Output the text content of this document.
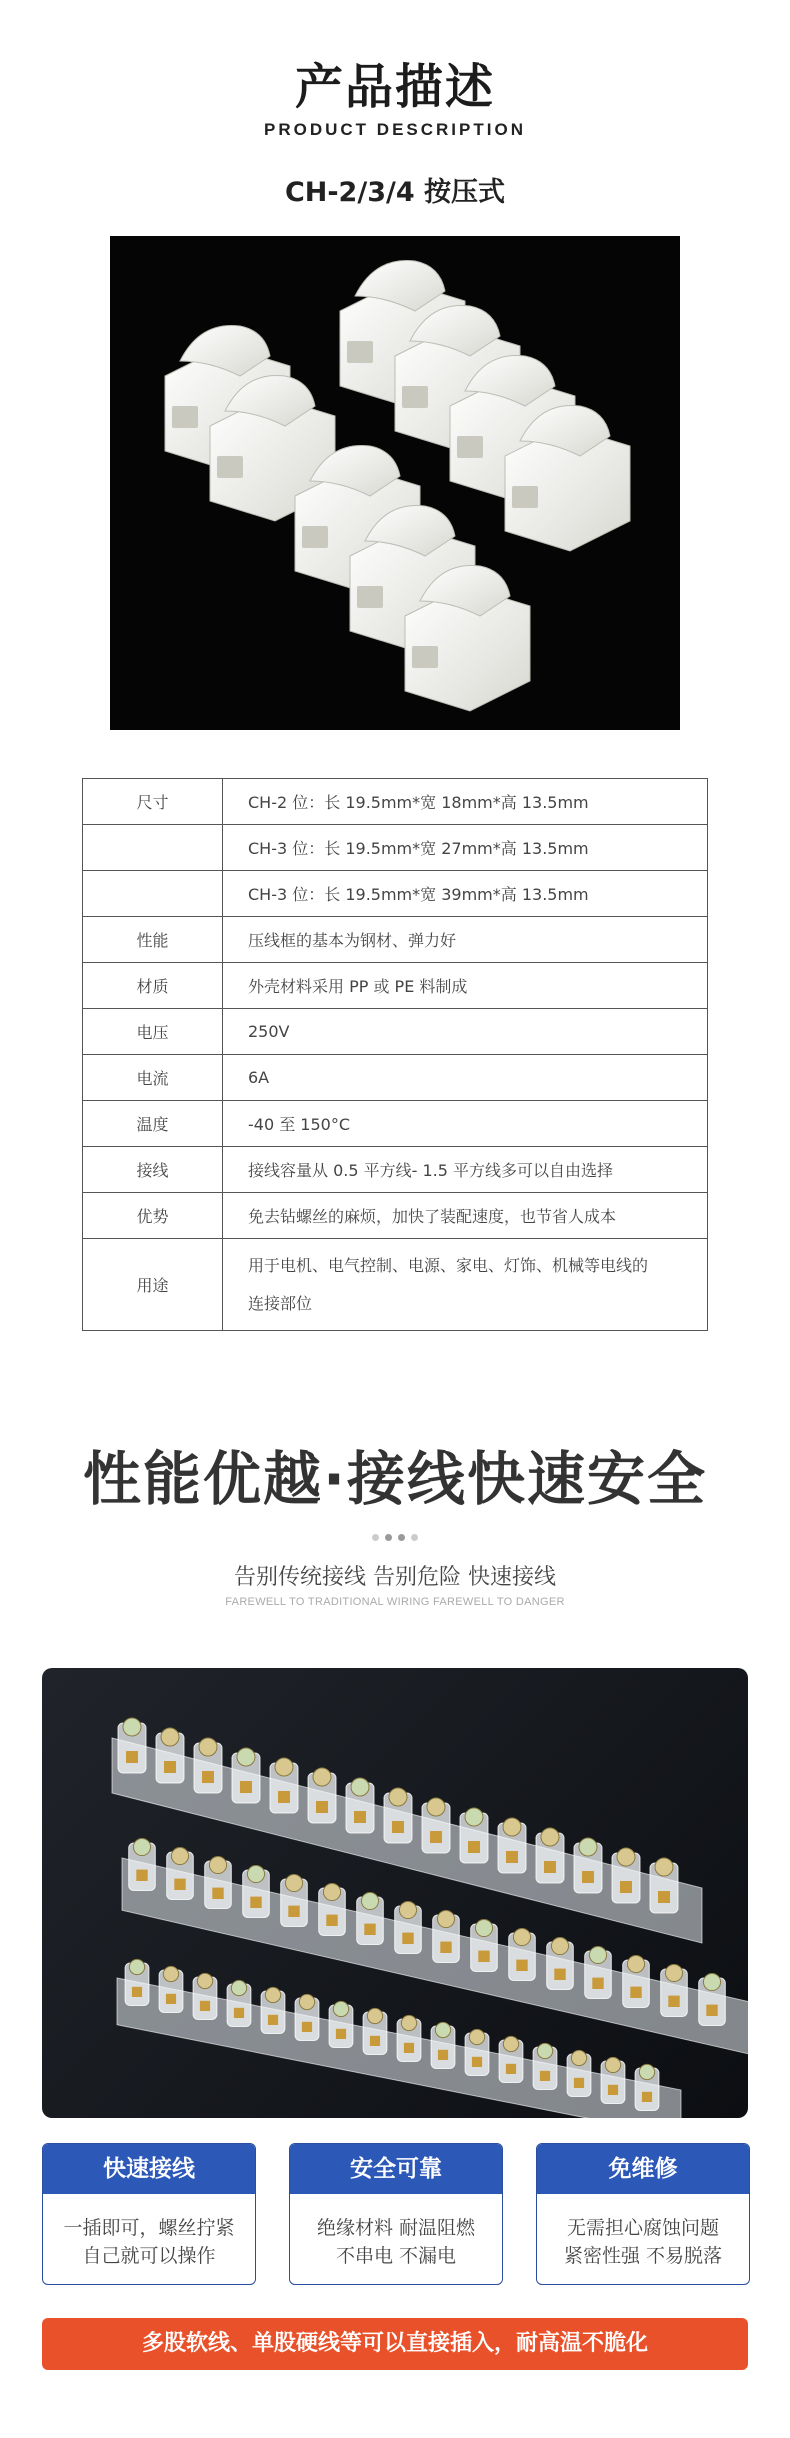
产品描述
PRODUCT DESCRIPTION
CH-2/3/4 按压式
尺寸	CH-2 位：长 19.5mm*宽 18mm*高 13.5mm
	CH-3 位：长 19.5mm*宽 27mm*高 13.5mm
	CH-3 位：长 19.5mm*宽 39mm*高 13.5mm
性能	压线框的基本为钢材、弹力好
材质	外壳材料采用 PP 或 PE 料制成
电压	250V
电流	6A
温度	-40 至 150°C
接线	接线容量从 0.5 平方线- 1.5 平方线多可以自由选择
优势	免去钻螺丝的麻烦，加快了装配速度，也节省人成本
用途	用于电机、电气控制、电源、家电、灯饰、机械等电线的
连接部位
性能优越·接线快速安全
告别传统接线 告别危险 快速接线
FAREWELL TO TRADITIONAL WIRING FAREWELL TO DANGER
快速接线
一插即可，螺丝拧紧
自己就可以操作
安全可靠
绝缘材料 耐温阻燃
不串电 不漏电
免维修
无需担心腐蚀问题
紧密性强 不易脱落
多股软线、单股硬线等可以直接插入，耐高温不脆化
